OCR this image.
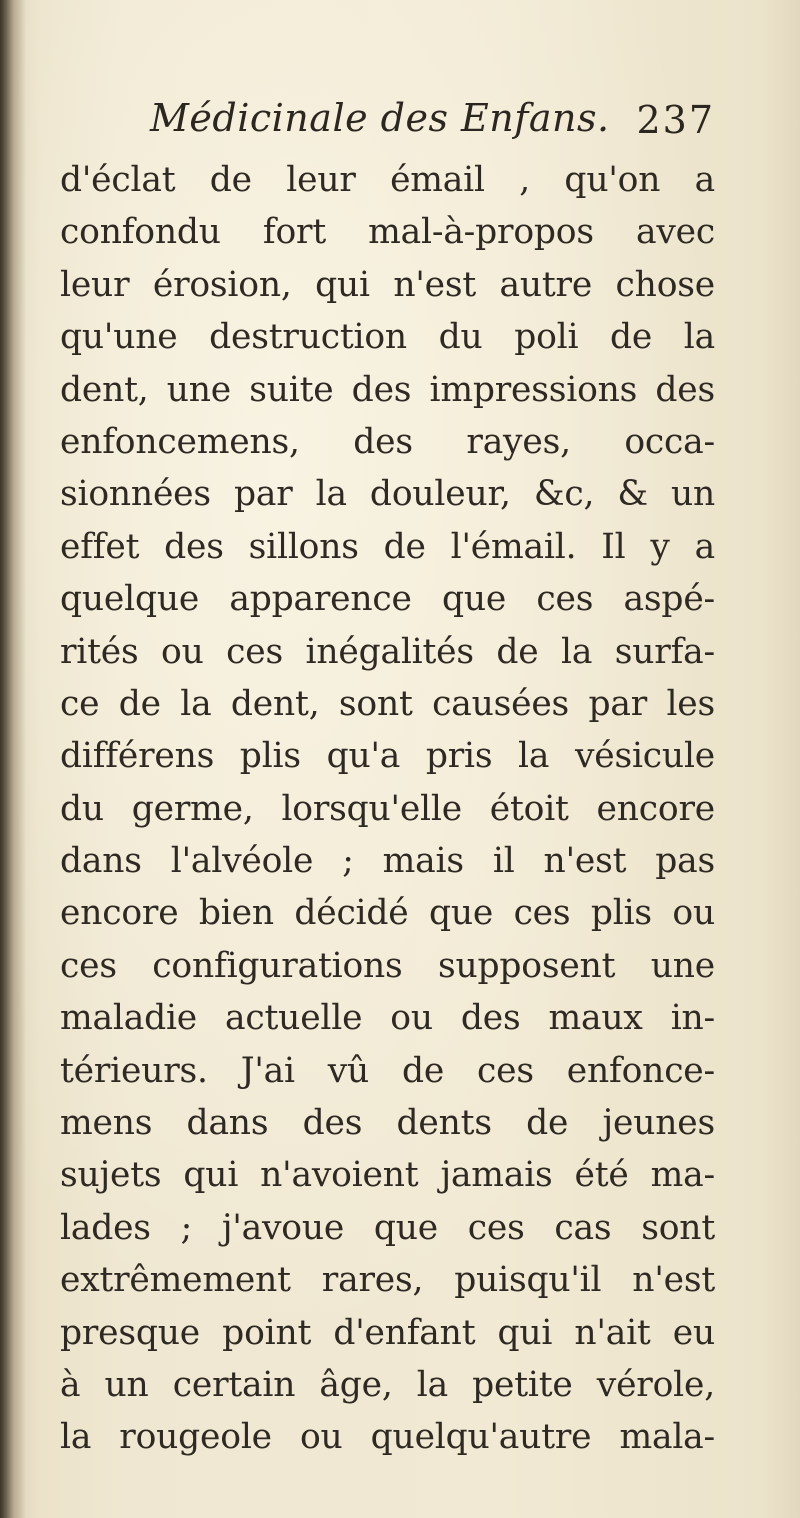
Médicinale des Enfans. 237
d'éclat de leur émail , qu'on a
confondu fort mal-à-propos avec
leur érosion, qui n'est autre chose
qu'une destruction du poli de la
dent, une suite des impressions des
enfoncemens, des rayes, occa-
sionnées par la douleur, &c, & un
effet des sillons de l'émail. Il y a
quelque apparence que ces aspé-
rités ou ces inégalités de la surfa-
ce de la dent, sont causées par les
différens plis qu'a pris la vésicule
du germe, lorsqu'elle étoit encore
dans l'alvéole ; mais il n'est pas
encore bien décidé que ces plis ou
ces configurations supposent une
maladie actuelle ou des maux in-
térieurs. J'ai vû de ces enfonce-
mens dans des dents de jeunes
sujets qui n'avoient jamais été ma-
lades ; j'avoue que ces cas sont
extrêmement rares, puisqu'il n'est
presque point d'enfant qui n'ait eu
à un certain âge, la petite vérole,
la rougeole ou quelqu'autre mala-
